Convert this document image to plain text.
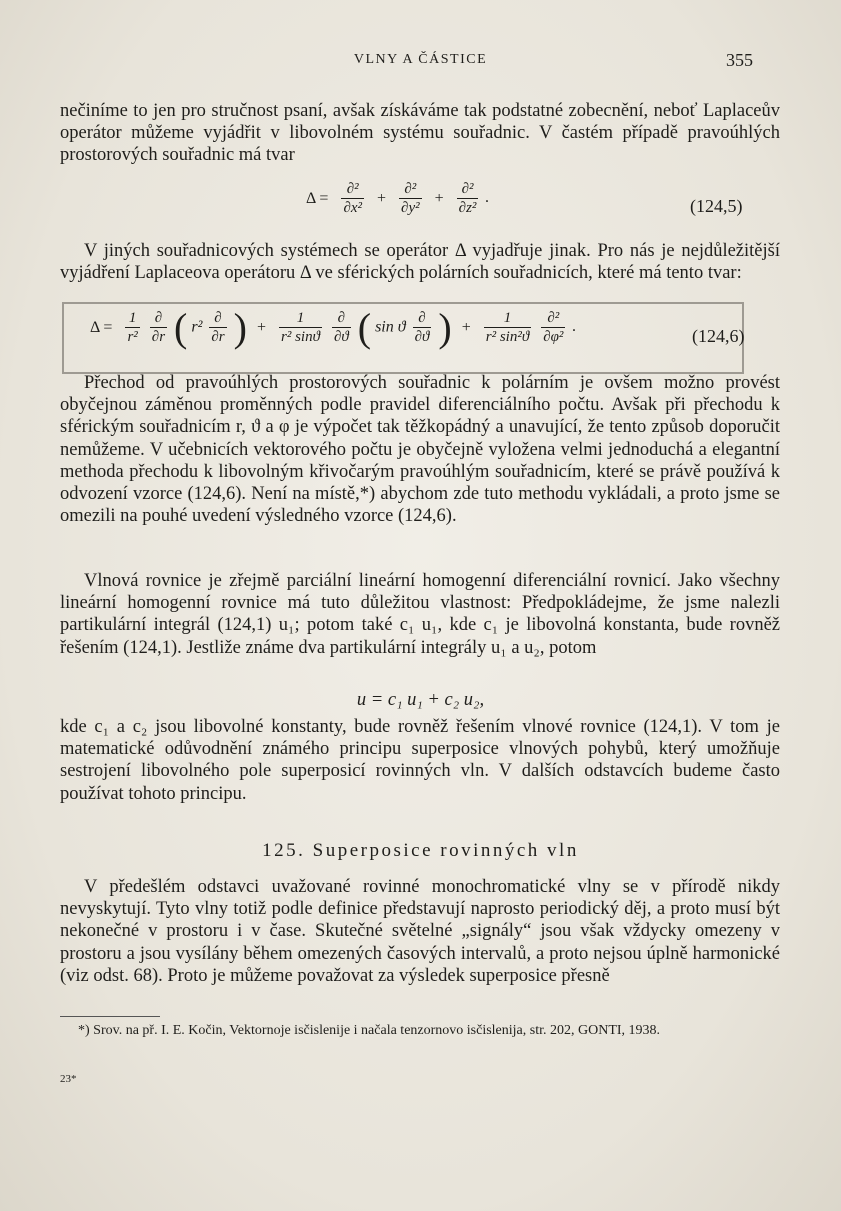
VLNY A ČÁSTICE	355

nečiníme to jen pro stručnost psaní, avšak získáváme tak podstatné zobecnění, neboť Laplaceův operátor můžeme vyjádřit v libovolném systému souřadnic. V častém případě pravoúhlých prostorových souřadnic má tvar

$\Delta = \frac{\text{∂²}}{\text{∂x²}} + \frac{\text{∂²}}{\text{∂y²}} + \frac{\text{∂²}}{\text{∂z²}}$ .	(124,5)

V jiných souřadnicových systémech se operátor Δ vyjadřuje jinak. Pro nás je nejdůležitější vyjádření Laplaceova operátoru Δ ve sférických polárních souřadnicích, které má tento tvar:

$\Delta = \frac{1}{\text{r²}}$
$\frac{\partial}{\partial r}$ ( $r^2 \frac{\partial}{\partial r}$ ) + $\frac{1}{\text{r² sinϑ}}$
$\frac{\partial}{\partial ϑ}$ ( sin ϑ $\frac{\partial}{\partial ϑ}$ ) + $\frac{1}{\text{r² sin²ϑ}}$
$\frac{\text{∂²}}{\text{∂φ²}}$ .	(124,6)

Přechod od pravoúhlých prostorových souřadnic k polárním je ovšem možno provést obyčejnou záměnou proměnných podle pravidel diferenciálního počtu. Avšak při přechodu k sférickým souřadnicím r, ϑ a φ je výpočet tak těžkopádný a unavující, že tento způsob doporučit nemůžeme. V učebnicích vektorového počtu je obyčejně vyložena velmi jednoduchá a elegantní methoda přechodu k libovolným křivočarým pravoúhlým souřadnicím, které se právě používá k odvození vzorce (124,6). Není na místě,*) abychom zde tuto methodu vykládali, a proto jsme se omezili na pouhé uvedení výsledného vzorce (124,6).

Vlnová rovnice je zřejmě parciální lineární homogenní diferenciální rovnicí. Jako všechny lineární homogenní rovnice má tuto důležitou vlastnost: Předpokládejme, že jsme nalezli partikulární integrál (124,1) u₁; potom také c₁ u₁, kde c₁ je libovolná konstanta, bude rovněž řešením (124,1). Jestliže známe dva partikulární integrály u₁ a u₂, potom

u = c₁ u₁ + c₂ u₂,

kde c₁ a c₂ jsou libovolné konstanty, bude rovněž řešením vlnové rovnice (124,1). V tom je matematické odůvodnění známého principu superposice vlnových pohybů, který umožňuje sestrojení libovolného pole superposicí rovinných vln. V dalších odstavcích budeme často používat tohoto principu.

125. Superposice rovinných vln

V předešlém odstavci uvažované rovinné monochromatické vlny se v přírodě nikdy nevyskytují. Tyto vlny totiž podle definice představují naprosto periodický děj, a proto musí být nekonečné v prostoru i v čase. Skutečné světelné „signály“ jsou však vždycky omezeny v prostoru a jsou vysílány během omezených časových intervalů, a proto nejsou úplně harmonické (viz odst. 68). Proto je můžeme považovat za výsledek superposice přesně

*) Srov. na př. I. E. Kočin, Vektornoje isčislenije i načala tenzornovo isčislenija, str. 202, GONTI, 1938.

23*
